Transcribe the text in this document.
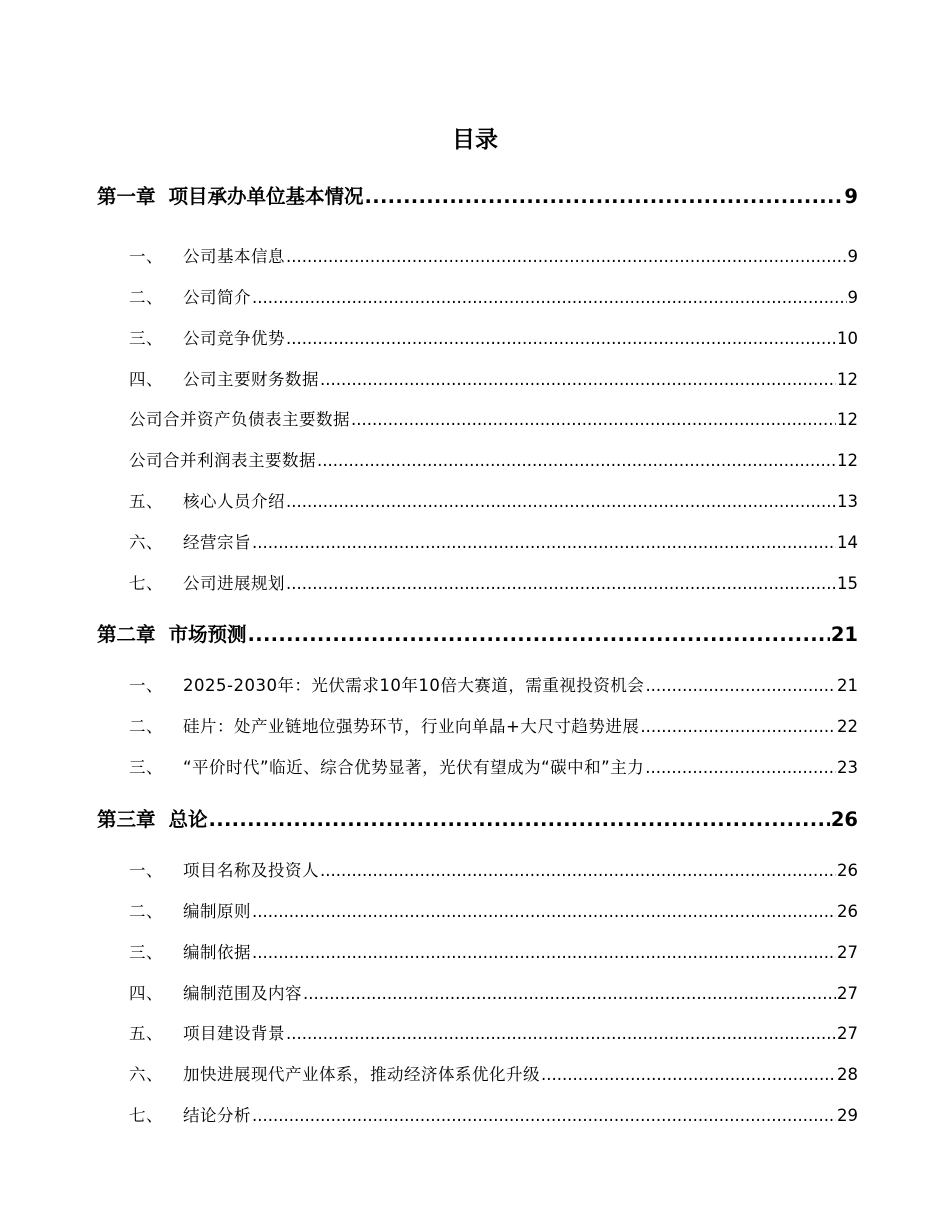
目录
第一章 项目承办单位基本情况 .....	9
一、	公司基本信息 .....	9
二、	公司简介 .....	9
三、	公司竞争优势 .....	10
四、	公司主要财务数据 .....	12
公司合并资产负债表主要数据 .....	12
公司合并利润表主要数据 .....	12
五、	核心人员介绍 .....	13
六、	经营宗旨 .....	14
七、	公司进展规划 .....	15
第二章 市场预测 .....	21
一、	2025-2030年：光伏需求10年10倍大赛道，需重视投资机会 .....	21
二、	硅片：处产业链地位强势环节，行业向单晶+大尺寸趋势进展 .....	22
三、	“平价时代”临近、综合优势显著，光伏有望成为“碳中和”主力 .....	23
第三章 总论 .....	26
一、	项目名称及投资人 .....	26
二、	编制原则 .....	26
三、	编制依据 .....	27
四、	编制范围及内容 .....	27
五、	项目建设背景 .....	27
六、	加快进展现代产业体系，推动经济体系优化升级 .....	28
七、	结论分析 .....	29
